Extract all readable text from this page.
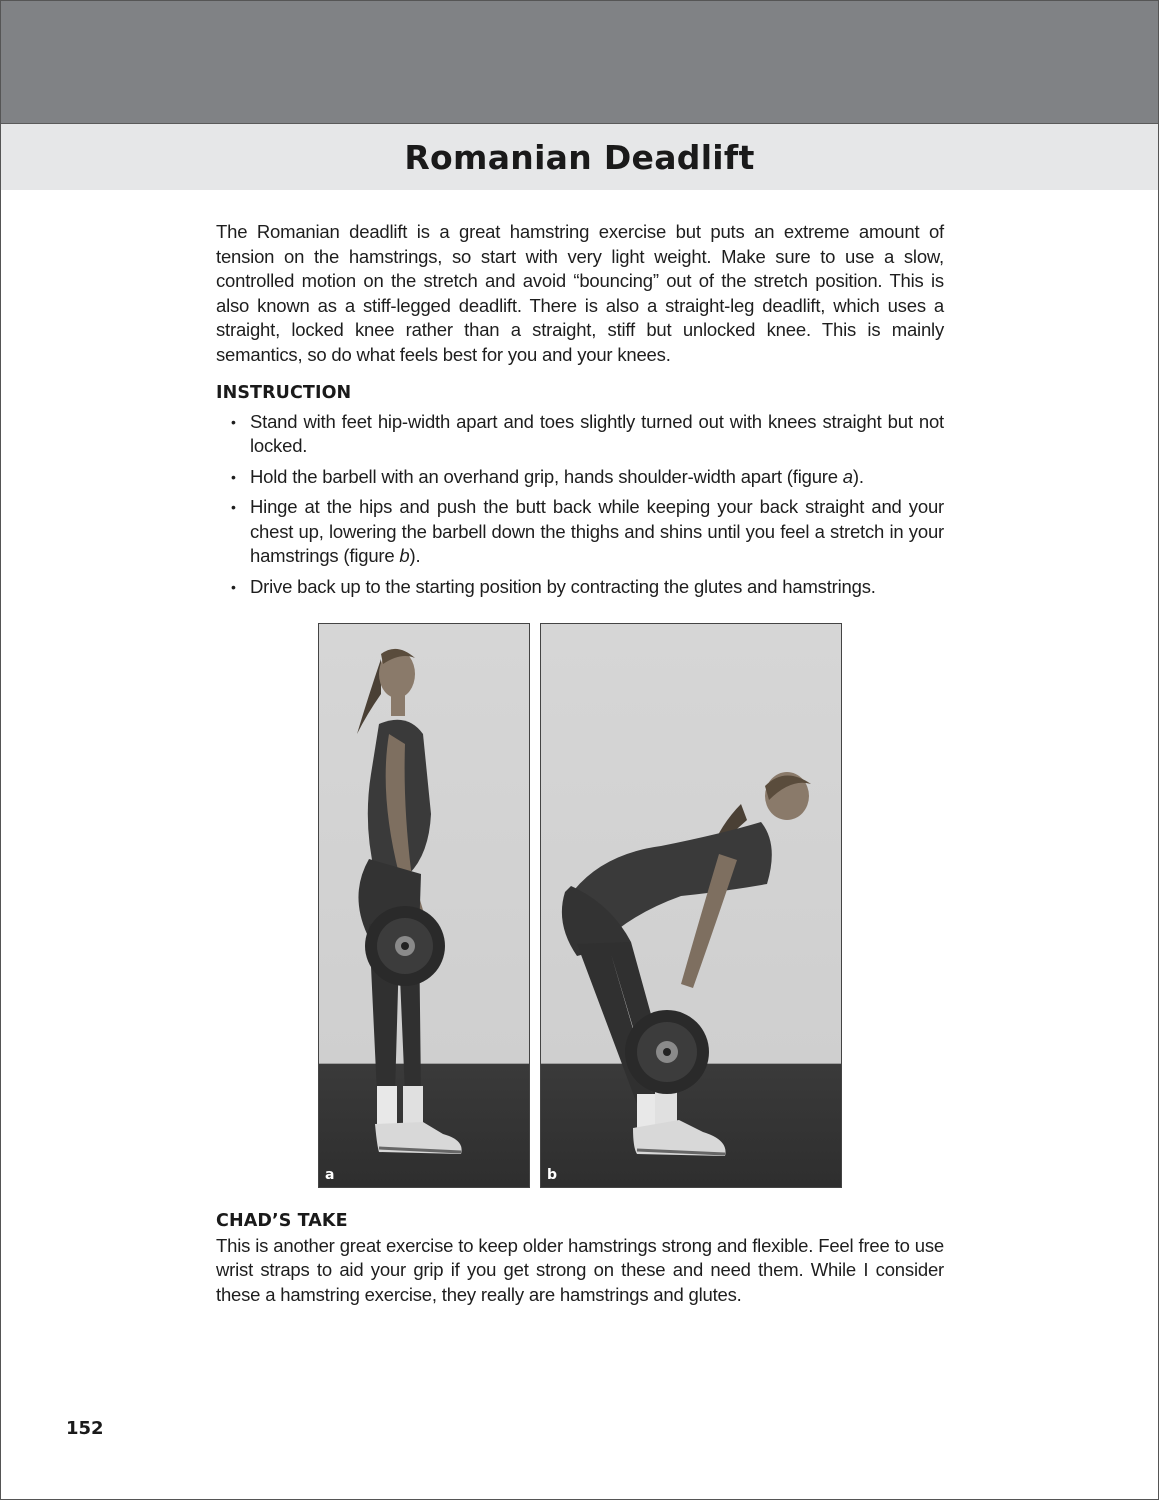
Romanian Deadlift

The Romanian deadlift is a great hamstring exercise but puts an extreme amount of tension on the hamstrings, so start with very light weight. Make sure to use a slow, controlled motion on the stretch and avoid “bouncing” out of the stretch position. This is also known as a stiff-legged deadlift. There is also a straight-leg deadlift, which uses a straight, locked knee rather than a straight, stiff but unlocked knee. This is mainly semantics, so do what feels best for you and your knees.

INSTRUCTION
• Stand with feet hip-width apart and toes slightly turned out with knees straight but not locked.
• Hold the barbell with an overhand grip, hands shoulder-width apart (figure a).
• Hinge at the hips and push the butt back while keeping your back straight and your chest up, lowering the barbell down the thighs and shins until you feel a stretch in your hamstrings (figure b).
• Drive back up to the starting position by contracting the glutes and hamstrings.
a	b
CHAD’S TAKE

This is another great exercise to keep older hamstrings strong and flexible. Feel free to use wrist straps to aid your grip if you get strong on these and need them. While I consider these a hamstring exercise, they really are hamstrings and glutes.

152
